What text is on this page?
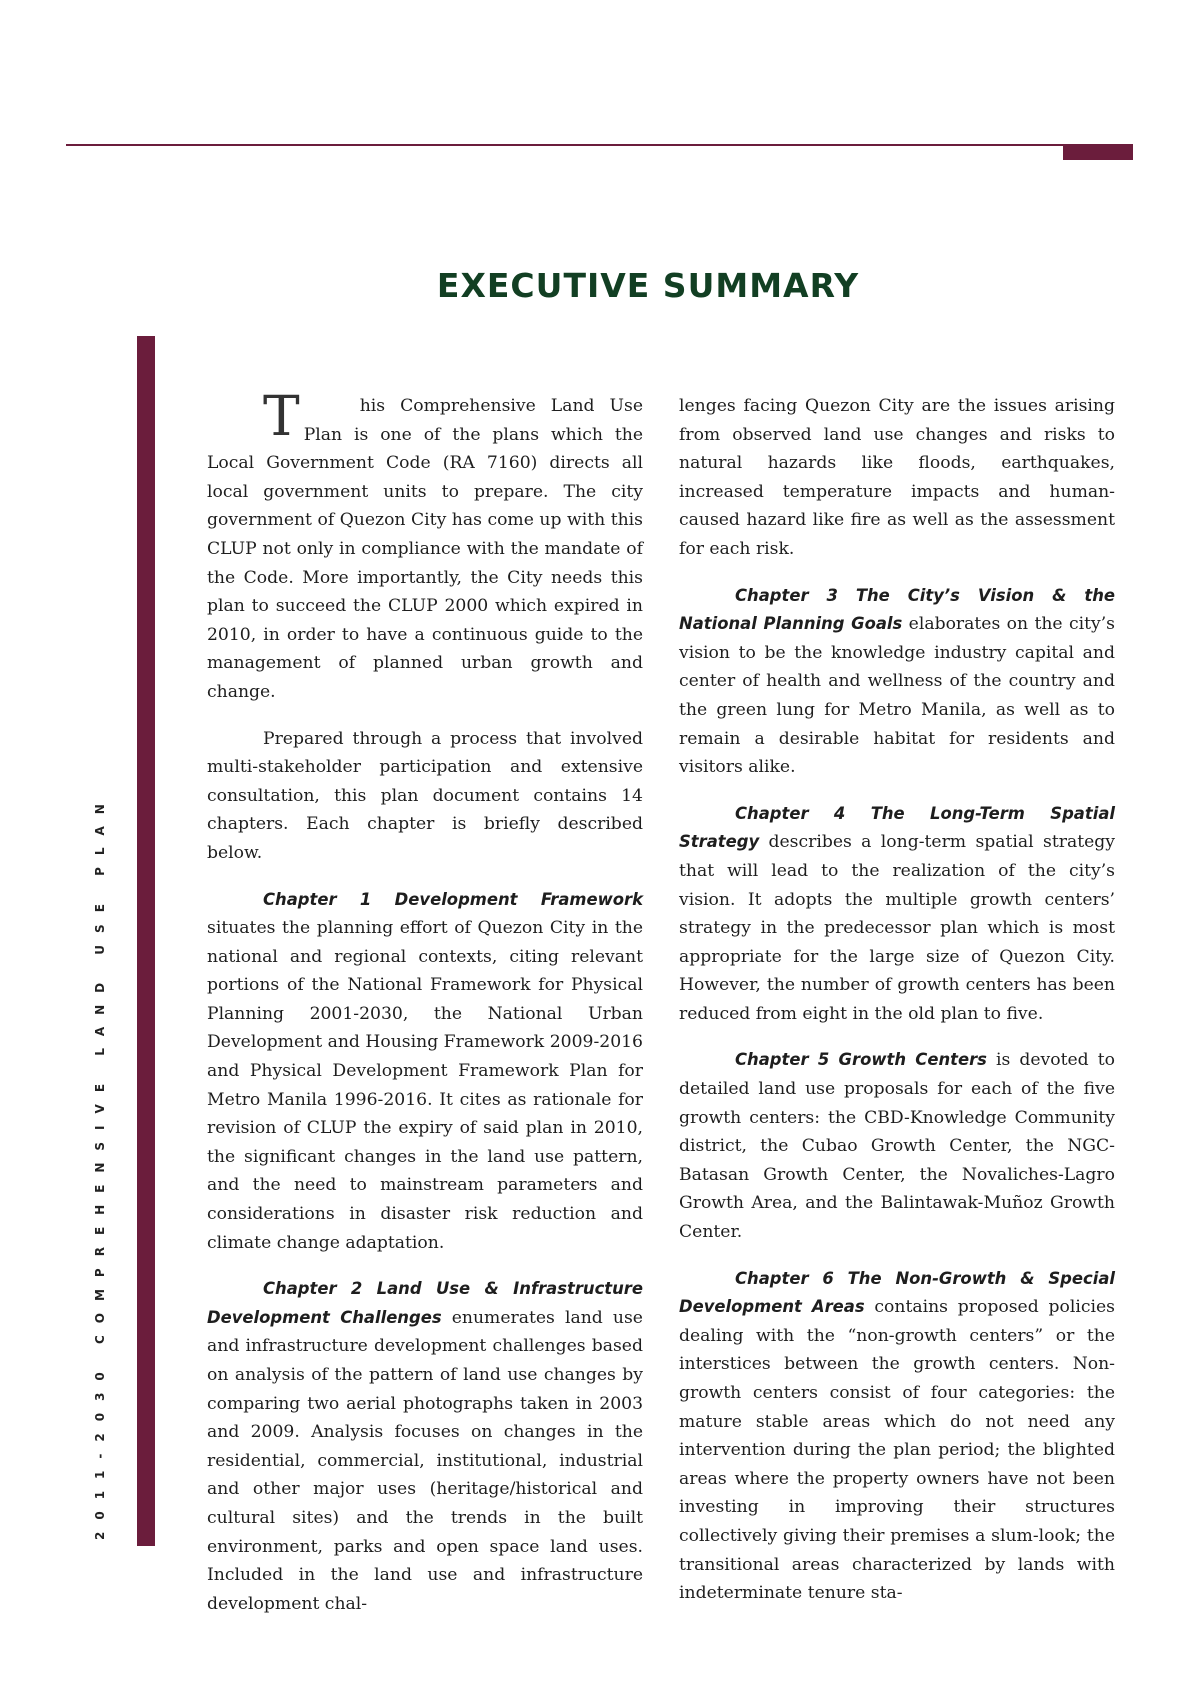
EXECUTIVE SUMMARY
2011-2030 COMPREHENSIVE LAND USE PLAN

T	his Comprehensive Land Use Plan is one of the plans which the Local Government Code (RA 7160) directs all local government units to prepare. The city government of Quezon City has come up with this CLUP not only in compliance with the mandate of the Code. More importantly, the City needs this plan to succeed the CLUP 2000 which expired in 2010, in order to have a continuous guide to the management of planned urban growth and change.

Prepared through a process that involved multi-stakeholder participation and extensive consultation, this plan document contains 14 chapters. Each chapter is briefly described below.

Chapter 1 Development Framework situates the planning effort of Quezon City in the national and regional contexts, citing relevant portions of the National Framework for Physical Planning 2001-2030, the National Urban Development and Housing Framework 2009-2016 and Physical Development Framework Plan for Metro Manila 1996-2016. It cites as rationale for revision of CLUP the expiry of said plan in 2010, the significant changes in the land use pattern, and the need to mainstream parameters and considerations in disaster risk reduction and climate change adaptation.

Chapter 2 Land Use & Infrastructure Development Challenges enumerates land use and infrastructure development challenges based on analysis of the pattern of land use changes by comparing two aerial photographs taken in 2003 and 2009. Analysis focuses on changes in the residential, commercial, institutional, industrial and other major uses (heritage/historical and cultural sites) and the trends in the built environment, parks and open space land uses. Included in the land use and infrastructure development chal-

lenges facing Quezon City are the issues arising from observed land use changes and risks to natural hazards like floods, earthquakes, increased temperature impacts and human-caused hazard like fire as well as the assessment for each risk.

Chapter 3 The City’s Vision & the National Planning Goals elaborates on the city’s vision to be the knowledge industry capital and center of health and wellness of the country and the green lung for Metro Manila, as well as to remain a desirable habitat for residents and visitors alike.

Chapter 4 The Long-Term Spatial Strategy describes a long-term spatial strategy that will lead to the realization of the city’s vision. It adopts the multiple growth centers’ strategy in the predecessor plan which is most appropriate for the large size of Quezon City. However, the number of growth centers has been reduced from eight in the old plan to five.

Chapter 5 Growth Centers is devoted to detailed land use proposals for each of the five growth centers: the CBD-Knowledge Community district, the Cubao Growth Center, the NGC-Batasan Growth Center, the Novaliches-Lagro Growth Area, and the Balintawak-Muñoz Growth Center.

Chapter 6 The Non-Growth & Special Development Areas contains proposed policies dealing with the “non-growth centers” or the interstices between the growth centers. Non-growth centers consist of four categories: the mature stable areas which do not need any intervention during the plan period; the blighted areas where the property owners have not been investing in improving their structures collectively giving their premises a slum-look; the transitional areas characterized by lands with indeterminate tenure sta-
